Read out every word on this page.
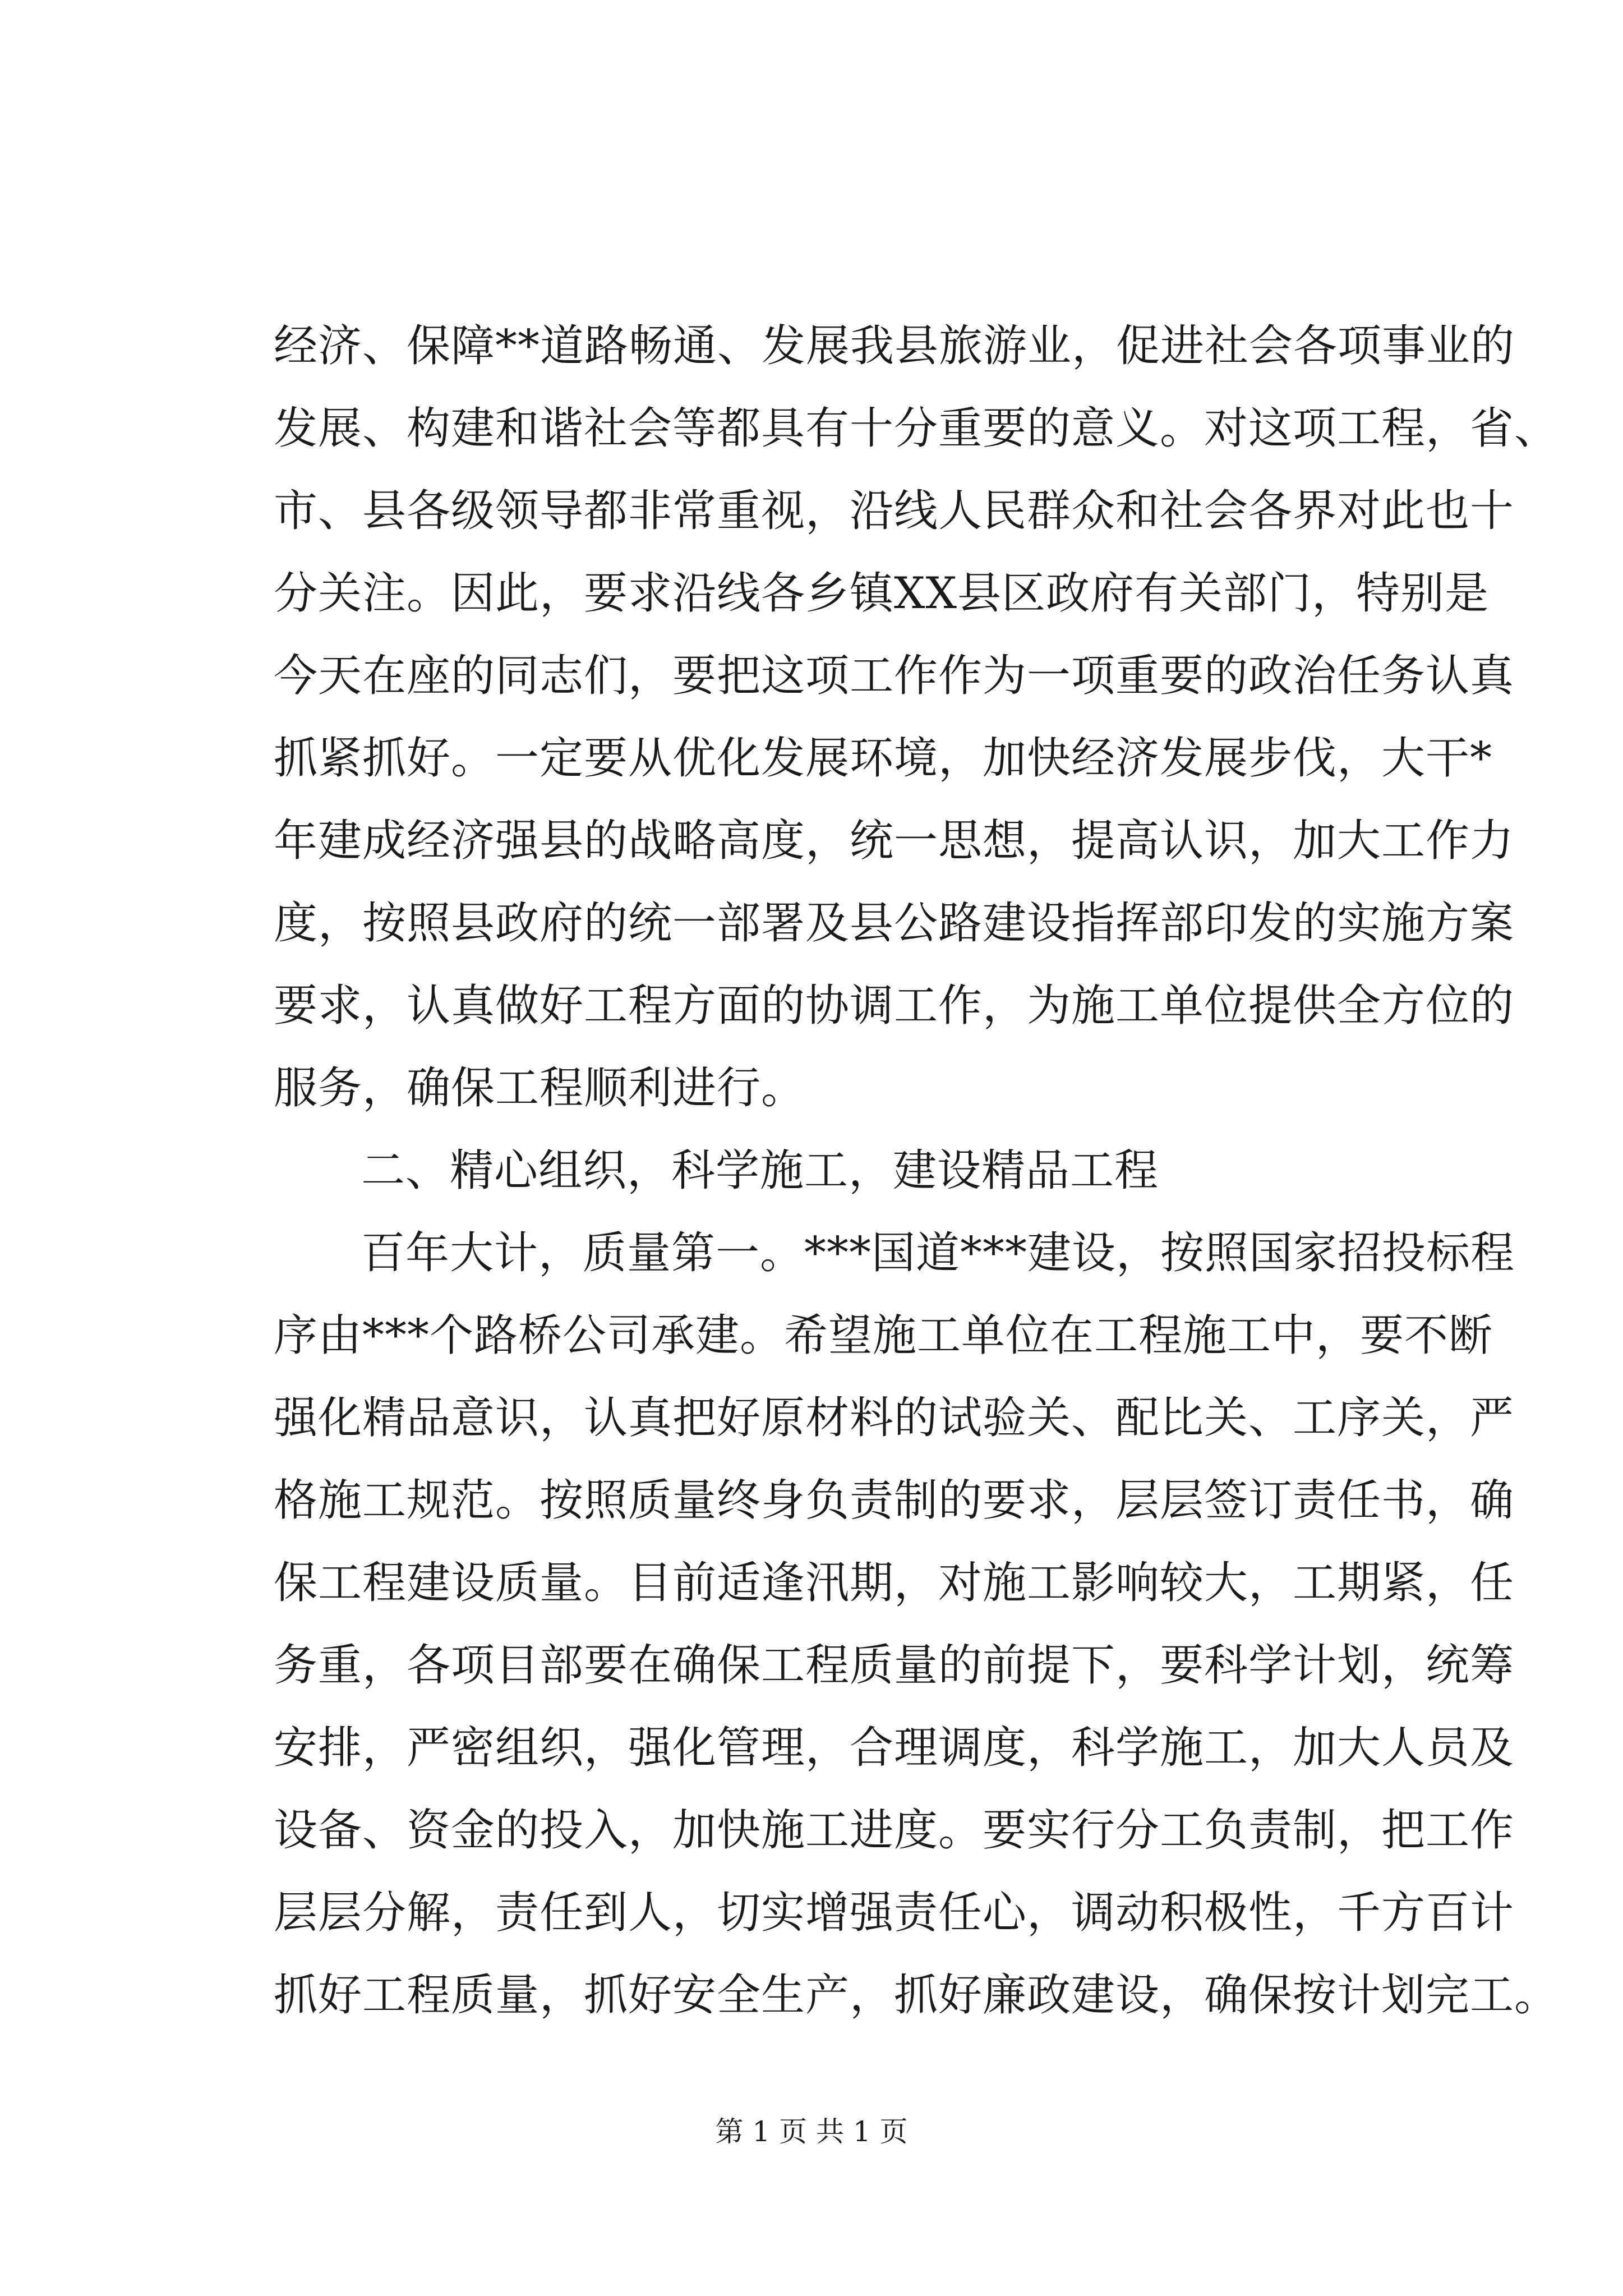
经济、保障**道路畅通、发展我县旅游业，促进社会各项事业的
发展、构建和谐社会等都具有十分重要的意义。对这项工程，省、
市、县各级领导都非常重视，沿线人民群众和社会各界对此也十
分关注。因此，要求沿线各乡镇XX县区政府有关部门，特别是
今天在座的同志们，要把这项工作作为一项重要的政治任务认真
抓紧抓好。一定要从优化发展环境，加快经济发展步伐，大干*
年建成经济强县的战略高度，统一思想，提高认识，加大工作力
度，按照县政府的统一部署及县公路建设指挥部印发的实施方案
要求，认真做好工程方面的协调工作，为施工单位提供全方位的
服务，确保工程顺利进行。
二、精心组织，科学施工，建设精品工程
百年大计，质量第一。***国道***建设，按照国家招投标程
序由***个路桥公司承建。希望施工单位在工程施工中，要不断
强化精品意识，认真把好原材料的试验关、配比关、工序关，严
格施工规范。按照质量终身负责制的要求，层层签订责任书，确
保工程建设质量。目前适逢汛期，对施工影响较大，工期紧，任
务重，各项目部要在确保工程质量的前提下，要科学计划，统筹
安排，严密组织，强化管理，合理调度，科学施工，加大人员及
设备、资金的投入，加快施工进度。要实行分工负责制，把工作
层层分解，责任到人，切实增强责任心，调动积极性，千方百计
抓好工程质量，抓好安全生产，抓好廉政建设，确保按计划完工。
第 1 页 共 1 页
